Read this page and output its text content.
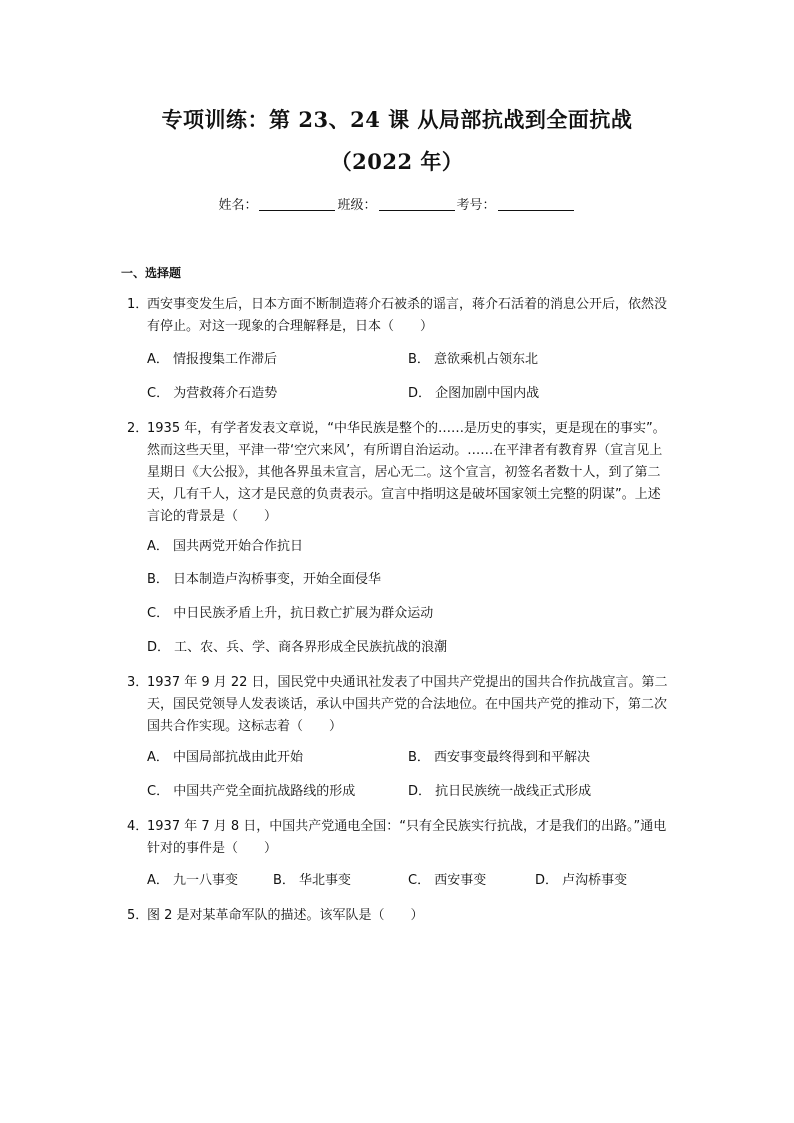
专项训练：第 23、24 课 从局部抗战到全面抗战
（2022 年）
姓名：	班级：	考号：
一、选择题
1．
西安事变发生后，日本方面不断制造蒋介石被杀的谣言，蒋介石活着的消息公开后，依然没有停止。对这一现象的合理解释是，日本（　　）
A． 情报搜集工作滞后	B． 意欲乘机占领东北
C． 为营救蒋介石造势	D． 企图加剧中国内战
2．
1935 年，有学者发表文章说，“中华民族是整个的……是历史的事实，更是现在的事实”。然而这些天里，平津一带‘空穴来风’，有所谓自治运动。……在平津者有教育界（宣言见上星期日《大公报》，其他各界虽未宣言，居心无二。这个宣言，初签名者数十人，到了第二天，几有千人，这才是民意的负责表示。宣言中指明这是破坏国家领土完整的阴谋”。上述言论的背景是（　　）
A． 国共两党开始合作抗日
B． 日本制造卢沟桥事变，开始全面侵华
C． 中日民族矛盾上升，抗日救亡扩展为群众运动
D． 工、农、兵、学、商各界形成全民族抗战的浪潮
3．
1937 年 9 月 22 日，国民党中央通讯社发表了中国共产党提出的国共合作抗战宣言。第二天，国民党领导人发表谈话，承认中国共产党的合法地位。在中国共产党的推动下，第二次国共合作实现。这标志着（　　）
A． 中国局部抗战由此开始	B． 西安事变最终得到和平解决
C． 中国共产党全面抗战路线的形成	D． 抗日民族统一战线正式形成
4．
1937 年 7 月 8 日，中国共产党通电全国：“只有全民族实行抗战，才是我们的出路。”通电针对的事件是（　　）
A． 九一八事变	B． 华北事变	C． 西安事变	D． 卢沟桥事变
5．
图 2 是对某革命军队的描述。该军队是（　　）
